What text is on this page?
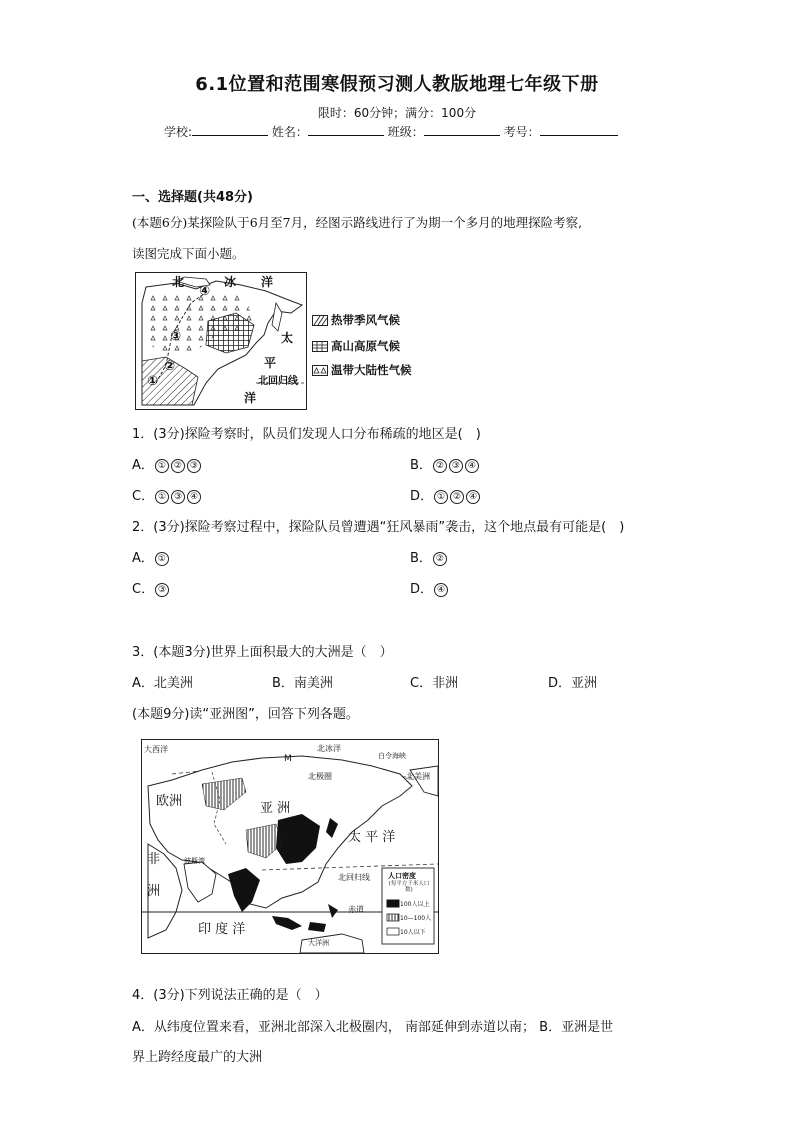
6.1位置和范围寒假预习测人教版地理七年级下册
限时：60分钟；满分：100分
学校:	姓名：	班级：	考号：
一、选择题(共48分)
(本题6分)某探险队于6月至7月，经图示路线进行了为期一个多月的地理探险考察,
读图完成下面小题。
北	冰 洋
太
平
北回归线
洋
④
③
②
①
热带季风气候
高山高原气候
温带大陆性气候
1．(3分)探险考察时，队员们发现人口分布稀疏的地区是(　)
A． ① ② ③	B． ② ③ ④
C． ① ③ ④	D． ① ② ④
2．(3分)探险考察过程中，探险队员曾遭遇“狂风暴雨”袭击，这个地点最有可能是(　)
A． ①	B． ②
C． ③	D． ④
3．(本题3分)世界上面积最大的大洲是（　）
A．北美洲	B．南美洲	C．非洲	D．亚洲
(本题9分)读“亚洲图”，回答下列各题。
大西洋	北冰洋
白令海峡
北美洲
M
北极圈
欧洲	亚 洲
太 平 洋
非
洲
波斯湾
上海
马六甲
海峡
北回归线
赤道
印 度 洋
大洋洲
人口密度
(每平方千米人口数)
100人以上
10—100人
10人以下
4．(3分)下列说法正确的是（　）
A．从纬度位置来看，亚洲北部深入北极圈内， 南部延伸到赤道以南； B．亚洲是世
界上跨经度最广的大洲
